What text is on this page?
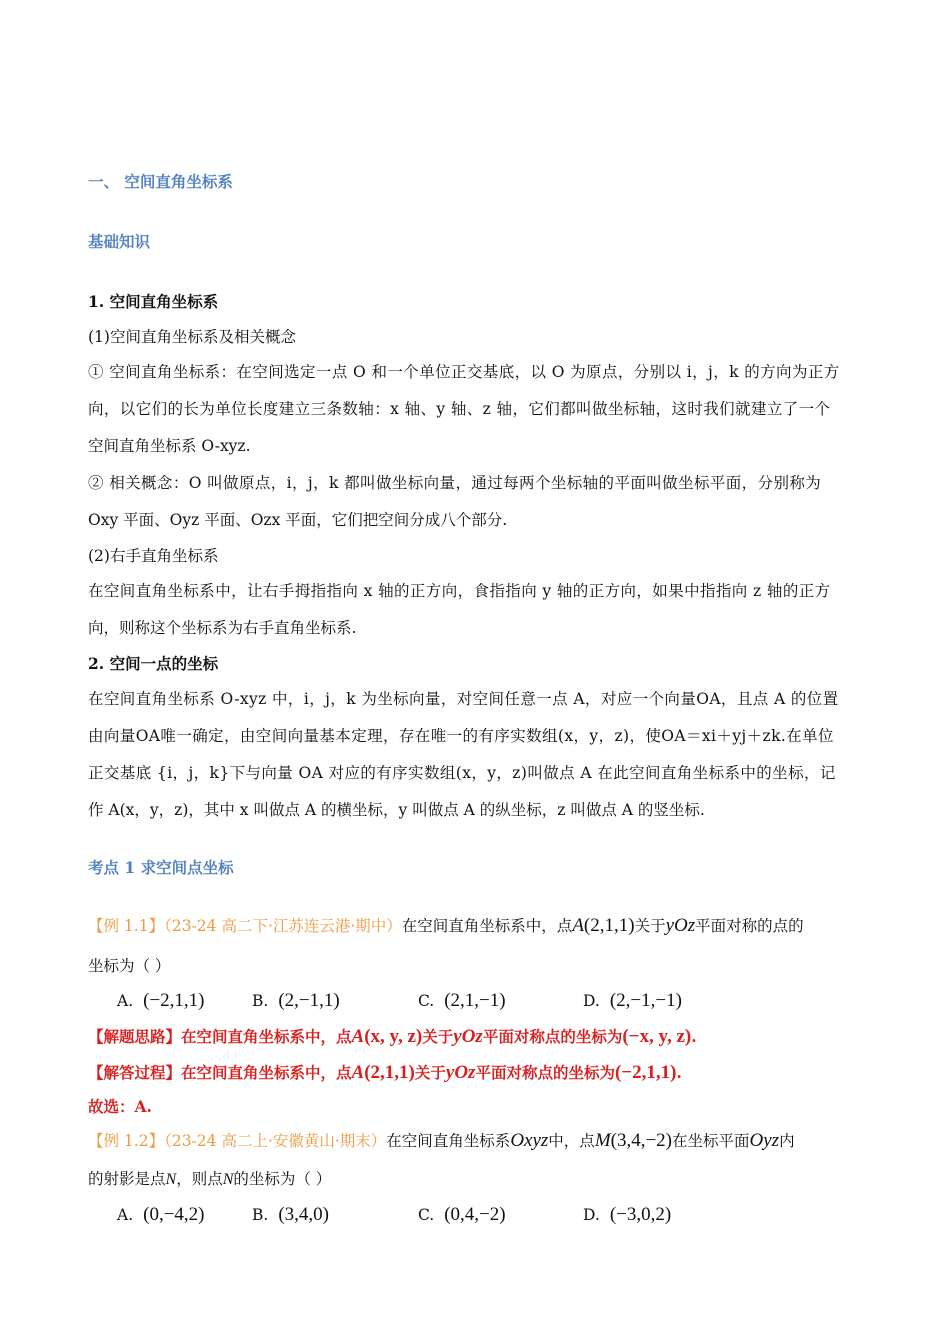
一、 空间直角坐标系
基础知识
1. 空间直角坐标系
(1)空间直角坐标系及相关概念
① 空间直角坐标系：在空间选定一点 O 和一个单位正交基底，以 O 为原点，分别以 i，j，k 的方向为正方
向，以它们的长为单位长度建立三条数轴：x 轴、y 轴、z 轴，它们都叫做坐标轴，这时我们就建立了一个
空间直角坐标系 O-xyz.
② 相关概念：O 叫做原点，i，j，k 都叫做坐标向量，通过每两个坐标轴的平面叫做坐标平面，分别称为
Oxy 平面、Oyz 平面、Ozx 平面，它们把空间分成八个部分.
(2)右手直角坐标系
在空间直角坐标系中，让右手拇指指向 x 轴的正方向，食指指向 y 轴的正方向，如果中指指向 z 轴的正方
向，则称这个坐标系为右手直角坐标系.
2. 空间一点的坐标
在空间直角坐标系 O-xyz 中，i，j，k 为坐标向量，对空间任意一点 A，对应一个向量OA，且点 A 的位置
由向量OA唯一确定，由空间向量基本定理，存在唯一的有序实数组(x，y，z)，使OA＝xi＋yj＋zk.在单位
正交基底 {i，j，k}下与向量 OA 对应的有序实数组(x，y，z)叫做点 A 在此空间直角坐标系中的坐标，记
作 A(x，y，z)，其中 x 叫做点 A 的横坐标，y 叫做点 A 的纵坐标，z 叫做点 A 的竖坐标.
考点 1 求空间点坐标
【例 1.1】（23-24 高二下·江苏连云港·期中）在空间直角坐标系中，点A(2,1,1)关于yOz平面对称的点的
坐标为（ ）
A. (−2,1,1)	B. (2,−1,1)	C. (2,1,−1)	D. (2,−1,−1)
【解题思路】在空间直角坐标系中，点A(x, y, z)关于yOz平面对称点的坐标为(−x, y, z).
【解答过程】在空间直角坐标系中，点A(2,1,1)关于yOz平面对称点的坐标为(−2,1,1).
故选：A.
【例 1.2】（23-24 高二上·安徽黄山·期末）在空间直角坐标系Oxyz中，点M(3,4,−2)在坐标平面Oyz内
的射影是点N，则点N的坐标为（ ）
A. (0,−4,2)	B. (3,4,0)	C. (0,4,−2)	D. (−3,0,2)
